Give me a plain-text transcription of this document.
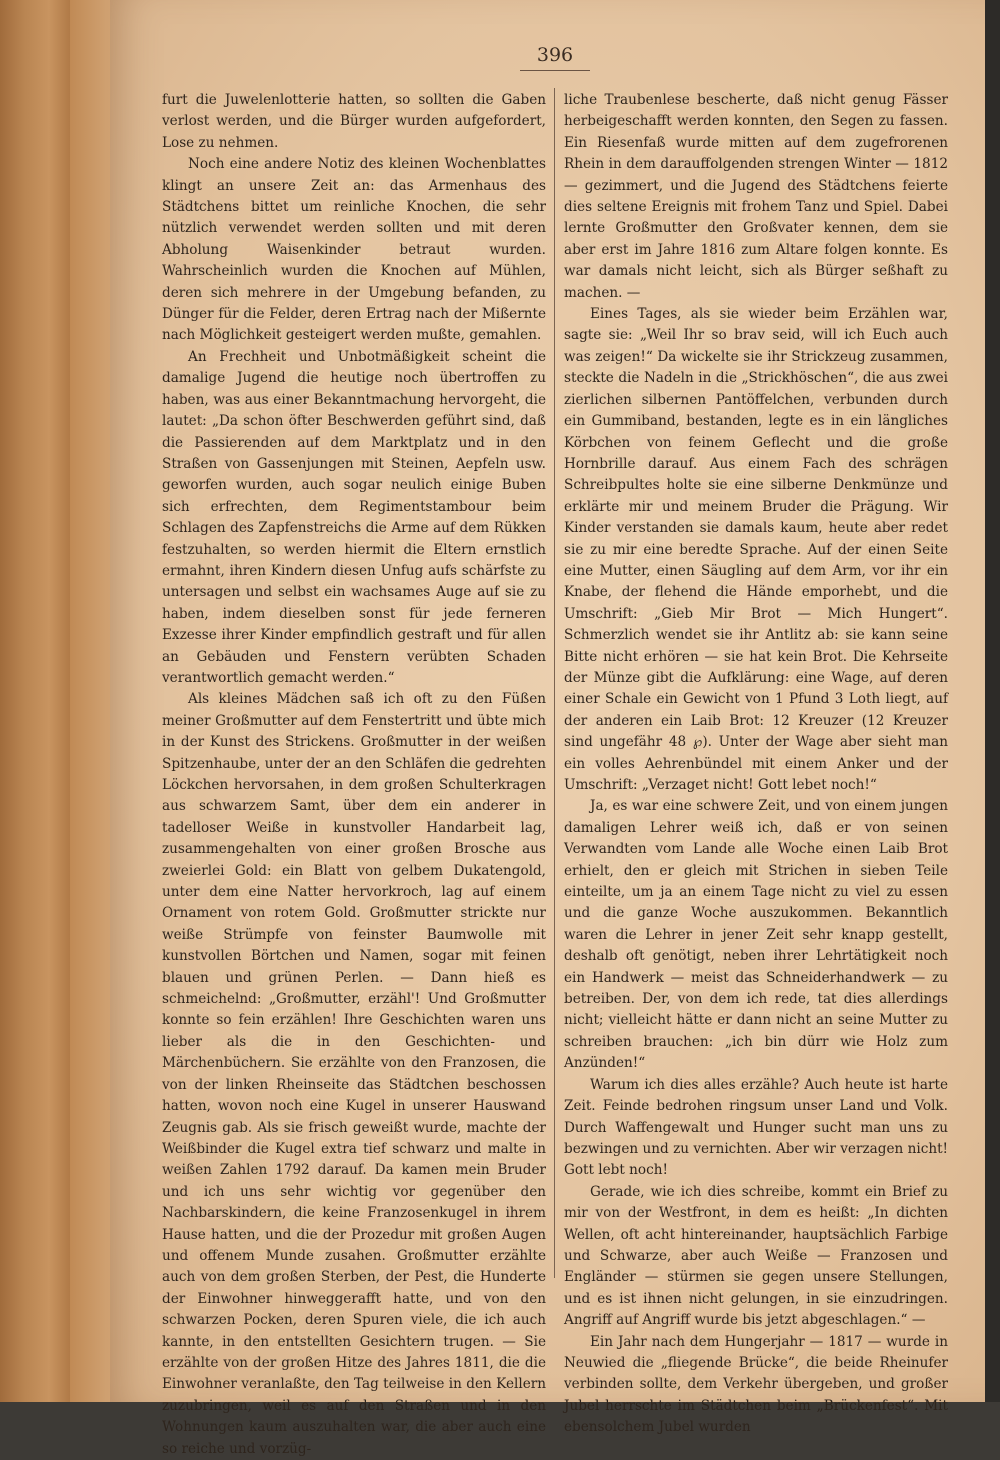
396

furt die Juwelenlotterie hatten, so sollten die Gaben verlost werden, und die Bürger wurden aufgefordert, Lose zu nehmen.

Noch eine andere Notiz des kleinen Wochenblattes klingt an unsere Zeit an: das Armenhaus des Städtchens bittet um reinliche Knochen, die sehr nützlich verwendet werden sollten und mit deren Abholung Waisenkinder betraut wurden. Wahrscheinlich wurden die Knochen auf Mühlen, deren sich mehrere in der Umgebung befanden, zu Dünger für die Felder, deren Ertrag nach der Mißernte nach Möglichkeit gesteigert werden mußte, gemahlen.

An Frechheit und Unbotmäßigkeit scheint die damalige Jugend die heutige noch übertroffen zu haben, was aus einer Bekanntmachung hervorgeht, die lautet: „Da schon öfter Beschwerden geführt sind, daß die Passierenden auf dem Marktplatz und in den Straßen von Gassenjungen mit Steinen, Aepfeln usw. geworfen wurden, auch sogar neulich einige Buben sich erfrechten, dem Regimentstambour beim Schlagen des Zapfenstreichs die Arme auf dem Rükken festzuhalten, so werden hiermit die Eltern ernstlich ermahnt, ihren Kindern diesen Unfug aufs schärfste zu untersagen und selbst ein wachsames Auge auf sie zu haben, indem dieselben sonst für jede ferneren Exzesse ihrer Kinder empfindlich gestraft und für allen an Gebäuden und Fenstern verübten Schaden verantwortlich gemacht werden.“

Als kleines Mädchen saß ich oft zu den Füßen meiner Großmutter auf dem Fenstertritt und übte mich in der Kunst des Strickens. Großmutter in der weißen Spitzenhaube, unter der an den Schläfen die gedrehten Löckchen hervorsahen, in dem großen Schulterkragen aus schwarzem Samt, über dem ein anderer in tadelloser Weiße in kunstvoller Handarbeit lag, zusammengehalten von einer großen Brosche aus zweierlei Gold: ein Blatt von gelbem Dukatengold, unter dem eine Natter hervorkroch, lag auf einem Ornament von rotem Gold. Großmutter strickte nur weiße Strümpfe von feinster Baumwolle mit kunstvollen Börtchen und Namen, sogar mit feinen blauen und grünen Perlen. — Dann hieß es schmeichelnd: „Großmutter, erzähl'! Und Großmutter konnte so fein erzählen! Ihre Geschichten waren uns lieber als die in den Geschichten- und Märchenbüchern. Sie erzählte von den Franzosen, die von der linken Rheinseite das Städtchen beschossen hatten, wovon noch eine Kugel in unserer Hauswand Zeugnis gab. Als sie frisch geweißt wurde, machte der Weißbinder die Kugel extra tief schwarz und malte in weißen Zahlen 1792 darauf. Da kamen mein Bruder und ich uns sehr wichtig vor gegenüber den Nachbarskindern, die keine Franzosenkugel in ihrem Hause hatten, und die der Prozedur mit großen Augen und offenem Munde zusahen. Großmutter erzählte auch von dem großen Sterben, der Pest, die Hunderte der Einwohner hinweggerafft hatte, und von den schwarzen Pocken, deren Spuren viele, die ich auch kannte, in den entstellten Gesichtern trugen. — Sie erzählte von der großen Hitze des Jahres 1811, die die Einwohner veranlaßte, den Tag teilweise in den Kellern zuzubringen, weil es auf den Straßen und in den Wohnungen kaum auszuhalten war, die aber auch eine so reiche und vorzüg-

liche Traubenlese bescherte, daß nicht genug Fässer herbeigeschafft werden konnten, den Segen zu fassen. Ein Riesenfaß wurde mitten auf dem zugefrorenen Rhein in dem darauffolgenden strengen Winter — 1812 — gezimmert, und die Jugend des Städtchens feierte dies seltene Ereignis mit frohem Tanz und Spiel. Dabei lernte Großmutter den Großvater kennen, dem sie aber erst im Jahre 1816 zum Altare folgen konnte. Es war damals nicht leicht, sich als Bürger seßhaft zu machen. —

Eines Tages, als sie wieder beim Erzählen war, sagte sie: „Weil Ihr so brav seid, will ich Euch auch was zeigen!“ Da wickelte sie ihr Strickzeug zusammen, steckte die Nadeln in die „Strickhöschen“, die aus zwei zierlichen silbernen Pantöffelchen, verbunden durch ein Gummiband, bestanden, legte es in ein längliches Körbchen von feinem Geflecht und die große Hornbrille darauf. Aus einem Fach des schrägen Schreibpultes holte sie eine silberne Denkmünze und erklärte mir und meinem Bruder die Prägung. Wir Kinder verstanden sie damals kaum, heute aber redet sie zu mir eine beredte Sprache. Auf der einen Seite eine Mutter, einen Säugling auf dem Arm, vor ihr ein Knabe, der flehend die Hände emporhebt, und die Umschrift: „Gieb Mir Brot — Mich Hungert“. Schmerzlich wendet sie ihr Antlitz ab: sie kann seine Bitte nicht erhören — sie hat kein Brot. Die Kehrseite der Münze gibt die Aufklärung: eine Wage, auf deren einer Schale ein Gewicht von 1 Pfund 3 Loth liegt, auf der anderen ein Laib Brot: 12 Kreuzer (12 Kreuzer sind ungefähr 48 ℘). Unter der Wage aber sieht man ein volles Aehrenbündel mit einem Anker und der Umschrift: „Verzaget nicht! Gott lebet noch!“

Ja, es war eine schwere Zeit, und von einem jungen damaligen Lehrer weiß ich, daß er von seinen Verwandten vom Lande alle Woche einen Laib Brot erhielt, den er gleich mit Strichen in sieben Teile einteilte, um ja an einem Tage nicht zu viel zu essen und die ganze Woche auszukommen. Bekanntlich waren die Lehrer in jener Zeit sehr knapp gestellt, deshalb oft genötigt, neben ihrer Lehrtätigkeit noch ein Handwerk — meist das Schneiderhandwerk — zu betreiben. Der, von dem ich rede, tat dies allerdings nicht; vielleicht hätte er dann nicht an seine Mutter zu schreiben brauchen: „ich bin dürr wie Holz zum Anzünden!“

Warum ich dies alles erzähle? Auch heute ist harte Zeit. Feinde bedrohen ringsum unser Land und Volk. Durch Waffengewalt und Hunger sucht man uns zu bezwingen und zu vernichten. Aber wir verzagen nicht! Gott lebt noch!

Gerade, wie ich dies schreibe, kommt ein Brief zu mir von der Westfront, in dem es heißt: „In dichten Wellen, oft acht hintereinander, hauptsächlich Farbige und Schwarze, aber auch Weiße — Franzosen und Engländer — stürmen sie gegen unsere Stellungen, und es ist ihnen nicht gelungen, in sie einzudringen. Angriff auf Angriff wurde bis jetzt abgeschlagen.“ —

Ein Jahr nach dem Hungerjahr — 1817 — wurde in Neuwied die „fliegende Brücke“, die beide Rheinufer verbinden sollte, dem Verkehr übergeben, und großer Jubel herrschte im Städtchen beim „Brückenfest“. Mit ebensolchem Jubel wurden
